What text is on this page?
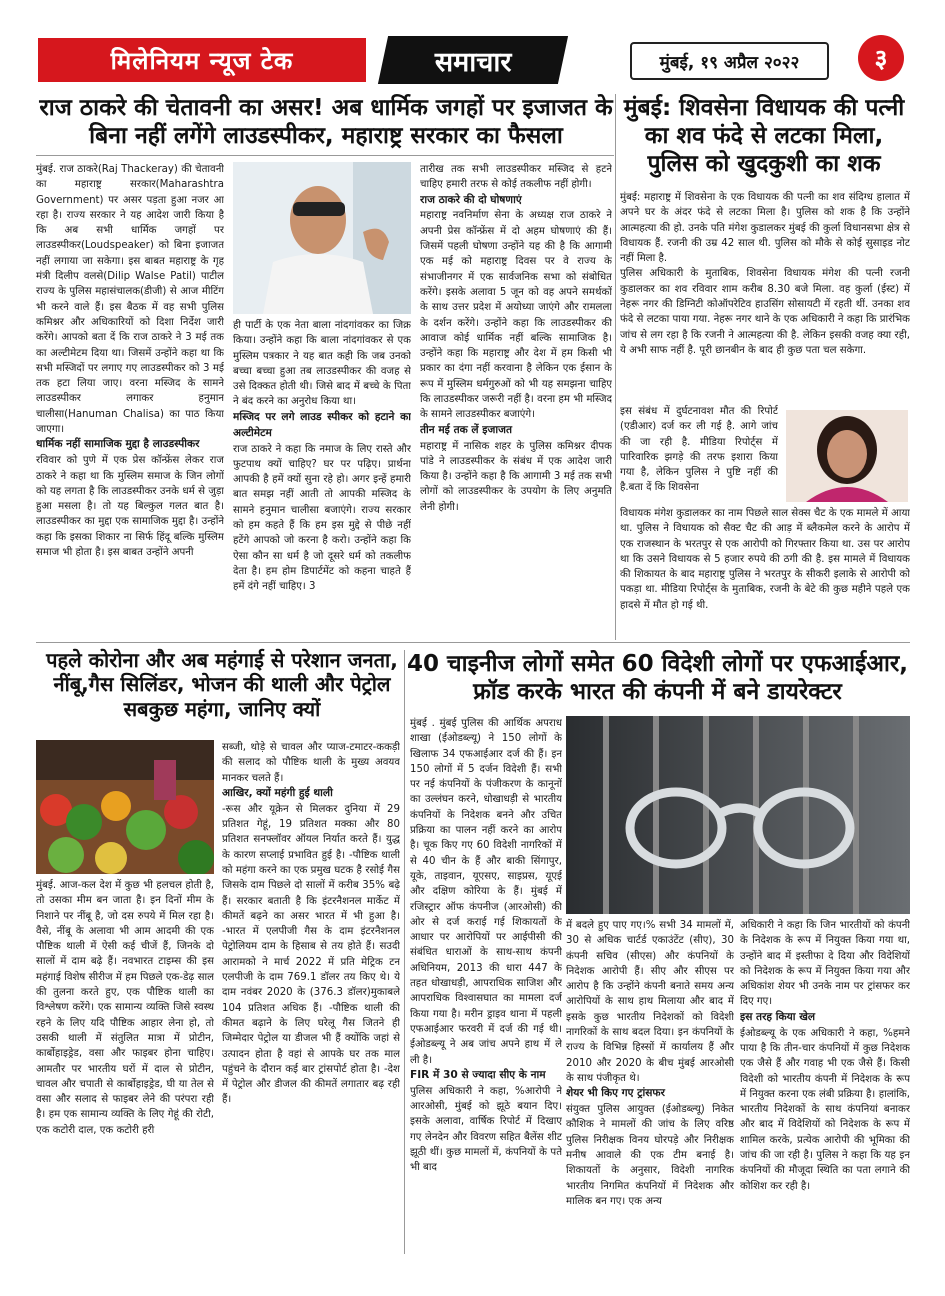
मिलेनियम न्यूज टेक	समाचार	मुंबई, १९ अप्रैल २०२२	३
राज ठाकरे की चेतावनी का असर! अब धार्मिक जगहों पर इजाजत के बिना नहीं लगेंगे लाउडस्पीकर, महाराष्ट्र सरकार का फैसला

मुंबई. राज ठाकरे(Raj Thackeray) की चेतावनी का महाराष्ट्र सरकार(Maharashtra Government) पर असर पड़ता हुआ नजर आ रहा है। राज्य सरकार ने यह आदेश जारी किया है कि अब सभी धार्मिक जगहों पर लाउडस्पीकर(Loudspeaker) को बिना इजाजत नहीं लगाया जा सकेगा। इस बाबत महाराष्ट्र के गृह मंत्री दिलीप वलसे(Dilip Walse Patil) पाटील राज्य के पुलिस महासंचालक(डीजी) से आज मीटिंग भी करने वाले हैं। इस बैठक में वह सभी पुलिस कमिश्नर और अधिकारियों को दिशा निर्देश जारी करेंगे। आपको बता दें कि राज ठाकरे ने 3 मई तक का अल्टीमेटम दिया था। जिसमें उन्होंने कहा था कि सभी मस्जिदों पर लगाए गए लाउडस्पीकर को 3 मई तक हटा लिया जाए। वरना मस्जिद के सामने लाउडस्पीकर लगाकर हनुमान चालीसा(Hanuman Chalisa) का पाठ किया जाएगा।

धार्मिक नहीं सामाजिक मुद्दा है लाउडस्पीकर

रविवार को पुणे में एक प्रेस कॉन्फ्रेंस लेकर राज ठाकरे ने कहा था कि मुस्लिम समाज के जिन लोगों को यह लगता है कि लाउडस्पीकर उनके धर्म से जुड़ा हुआ मसला है। तो यह बिल्कुल गलत बात है। लाउडस्पीकर का मुद्दा एक सामाजिक मुद्दा है। उन्होंने कहा कि इसका शिकार ना सिर्फ हिंदू बल्कि मुस्लिम समाज भी होता है। इस बाबत उन्होंने अपनी

ही पार्टी के एक नेता बाला नांदगांवकर का जिक्र किया। उन्होंने कहा कि बाला नांदगांवकर से एक मुस्लिम पत्रकार ने यह बात कही कि जब उनको बच्चा बच्चा हुआ तब लाउडस्पीकर की वजह से उसे दिक्कत होती थी। जिसे बाद में बच्चे के पिता ने बंद करने का अनुरोध किया था।

मस्जिद पर लगे लाउड स्पीकर को हटाने का अल्टीमेटम

राज ठाकरे ने कहा कि नमाज के लिए रास्ते और फुटपाथ क्यों चाहिए? घर पर पढ़िए। प्रार्थना आपकी है हमें क्यों सुना रहे हो। अगर इन्हें हमारी बात समझ नहीं आती तो आपकी मस्जिद के सामने हनुमान चालीसा बजाएंगे। राज्य सरकार को हम कहते हैं कि हम इस मुद्दे से पीछे नहीं हटेंगे आपको जो करना है करो। उन्होंने कहा कि ऐसा कौन सा धर्म है जो दूसरे धर्म को तकलीफ देता है। हम होम डिपार्टमेंट को कहना चाहते हैं हमें दंगे नहीं चाहिए। 3

तारीख तक सभी लाउडस्पीकर मस्जिद से हटने चाहिए हमारी तरफ से कोई तकलीफ नहीं होगी।

राज ठाकरे की दो घोषणाएं

महाराष्ट्र नवनिर्माण सेना के अध्यक्ष राज ठाकरे ने अपनी प्रेस कॉन्फ्रेंस में दो अहम घोषणाएं की हैं। जिसमें पहली घोषणा उन्होंने यह की है कि आगामी एक मई को महाराष्ट्र दिवस पर वे राज्य के संभाजीनगर में एक सार्वजनिक सभा को संबोधित करेंगे। इसके अलावा 5 जून को वह अपने समर्थकों के साथ उत्तर प्रदेश में अयोध्या जाएंगे और रामलला के दर्शन करेंगे। उन्होंने कहा कि लाउडस्पीकर की आवाज कोई धार्मिक नहीं बल्कि सामाजिक है। उन्होंने कहा कि महाराष्ट्र और देश में हम किसी भी प्रकार का दंगा नहीं करवाना है लेकिन एक ईसान के रूप में मुस्लिम धर्मगुरुओं को भी यह समझना चाहिए कि लाउडस्पीकर जरूरी नहीं है। वरना हम भी मस्जिद के सामने लाउडस्पीकर बजाएंगे।

तीन मई तक लें इजाजत

महाराष्ट्र में नासिक शहर के पुलिस कमिश्नर दीपक पांडे ने लाउडस्पीकर के संबंध में एक आदेश जारी किया है। उन्होंने कहा है कि आगामी 3 मई तक सभी लोगों को लाउडस्पीकर के उपयोग के लिए अनुमति लेनी होगी।

मुंबई: शिवसेना विधायक की पत्नी का शव फंदे से लटका मिला, पुलिस को खुदकुशी का शक

मुंबई: महाराष्ट्र में शिवसेना के एक विधायक की पत्नी का शव संदिग्ध हालात में अपने घर के अंदर फंदे से लटका मिला है। पुलिस को शक है कि उन्होंने आत्महत्या की हो. उनके पति मंगेश कुडालकर मुंबई की कुर्ला विधानसभा क्षेत्र से विधायक हैं. रजनी की उम्र 42 साल थी. पुलिस को मौके से कोई सुसाइड नोट नहीं मिला है.

पुलिस अधिकारी के मुताबिक, शिवसेना विधायक मंगेश की पत्नी रजनी कुडालकर का शव रविवार शाम करीब 8.30 बजे मिला. वह कुर्ला (ईस्ट) में नेहरू नगर की डिग्निटी कोऑपरेटिव हाउसिंग सोसायटी में रहती थीं. उनका शव फंदे से लटका पाया गया. नेहरू नगर थाने के एक अधिकारी ने कहा कि प्रारंभिक जांच से लग रहा है कि रजनी ने आत्महत्या की है. लेकिन इसकी वजह क्या रही, ये अभी साफ नहीं है. पूरी छानबीन के बाद ही कुछ पता चल सकेगा.

इस संबंध में दुर्घटनावश मौत की रिपोर्ट (एडीआर) दर्ज कर ली गई है. आगे जांच की जा रही है. मीडिया रिपोर्ट्स में पारिवारिक झगड़े की तरफ इशारा किया गया है, लेकिन पुलिस ने पुष्टि नहीं की है.बता दें कि शिवसेना

विधायक मंगेश कुडालकर का नाम पिछले साल सेक्स चैट के एक मामले में आया था. पुलिस ने विधायक को सैक्ट चैट की आड़ में ब्लैकमेल करने के आरोप में एक राजस्थान के भरतपुर से एक आरोपी को गिरफ्तार किया था. उस पर आरोप था कि उसने विधायक से 5 हजार रुपये की ठगी की है. इस मामले में विधायक की शिकायत के बाद महाराष्ट्र पुलिस ने भरतपुर के सीकरी इलाके से आरोपी को पकड़ा था. मीडिया रिपोर्ट्स के मुताबिक, रजनी के बेटे की कुछ महीने पहले एक हादसे में मौत हो गई थी.

पहले कोरोना और अब महंगाई से परेशान जनता, नींबू,गैस सिलिंडर, भोजन की थाली और पेट्रोल सबकुछ महंगा, जानिए क्यों

मुंबई. आज-कल देश में कुछ भी हलचल होती है, तो उसका मीम बन जाता है। इन दिनों मीम के निशाने पर नींबू है, जो दस रुपये में मिल रहा है। वैसे, नींबू के अलावा भी आम आदमी की एक पौष्टिक थाली में ऐसी कई चीजें हैं, जिनके दो सालों में दाम बढ़े हैं। नवभारत टाइम्स की इस महंगाई विशेष सीरीज में हम पिछले एक-डेढ़ साल की तुलना करते हुए, एक पौष्टिक थाली का विश्लेषण करेंगे। एक सामान्य व्यक्ति जिसे स्वस्थ रहने के लिए यदि पौष्टिक आहार लेना हो, तो उसकी थाली में संतुलित मात्रा में प्रोटीन, कार्बोहाइड्रेड, वसा और फाइबर होना चाहिए। आमतौर पर भारतीय घरों में दाल से प्रोटीन, चावल और चपाती से कार्बोहाइड्रेड, घी या तेल से वसा और सलाद से फाइबर लेने की परंपरा रही है। हम एक सामान्य व्यक्ति के लिए गेहूं की रोटी, एक कटोरी दाल, एक कटोरी हरी

सब्जी, थोड़े से चावल और प्याज-टमाटर-ककड़ी की सलाद को पौष्टिक थाली के मुख्य अवयव मानकर चलते हैं।

आखिर, क्यों महंगी हुई थाली

-रूस और यूक्रेन से मिलकर दुनिया में 29 प्रतिशत गेहूं, 19 प्रतिशत मक्का और 80 प्रतिशत सनफ्लॉवर ऑयल निर्यात करते हैं। युद्ध के कारण सप्लाई प्रभावित हुई है। -पौष्टिक थाली को महंगा करने का एक प्रमुख घटक है रसोई गैस जिसके दाम पिछले दो सालों में करीब 35% बढ़े हैं। सरकार बताती है कि इंटरनैशनल मार्केट में कीमतें बढ़ने का असर भारत में भी हुआ है। -भारत में एलपीजी गैस के दाम इंटरनैशनल पेट्रोलियम दाम के हिसाब से तय होते हैं। सउदी आरामको ने मार्च 2022 में प्रति मेट्रिक टन एलपीजी के दाम 769.1 डॉलर तय किए थे। ये दाम नवंबर 2020 के (376.3 डॉलर)मुकाबले 104 प्रतिशत अधिक हैं। -पौष्टिक थाली की कीमत बढ़ाने के लिए घरेलू गैस जितने ही जिम्मेदार पेट्रोल या डीजल भी हैं क्योंकि जहां से उत्पादन होता है वहां से आपके घर तक माल पहुंचने के दौरान कई बार ट्रांसपोर्ट होता है। -देश में पेट्रोल और डीजल की कीमतें लगातार बढ़ रही हैं।

40 चाइनीज लोगों समेत 60 विदेशी लोगों पर एफआईआर, फ्रॉड करके भारत की कंपनी में बने डायरेक्टर

मुंबई . मुंबई पुलिस की आर्थिक अपराध शाखा (ईओडब्ल्यू) ने 150 लोगों के खिलाफ 34 एफआईआर दर्ज की हैं। इन 150 लोगों में 5 दर्जन विदेशी हैं। सभी पर नई कंपनियों के पंजीकरण के कानूनों का उल्लंघन करने, धोखाधड़ी से भारतीय कंपनियों के निदेशक बनने और उचित प्रक्रिया का पालन नहीं करने का आरोप है। चूक किए गए 60 विदेशी नागरिकों में से 40 चीन के हैं और बाकी सिंगापुर, यूके, ताइवान, यूएसए, साइप्रस, यूएई और दक्षिण कोरिया के हैं। मुंबई में रजिस्ट्रार ऑफ कंपनीज (आरओसी) की ओर से दर्ज कराई गई शिकायतों के आधार पर आरोपियों पर आईपीसी की संबंधित धाराओं के साथ-साथ कंपनी अधिनियम, 2013 की धारा 447 के तहत धोखाधड़ी, आपराधिक साजिश और आपराधिक विश्वासघात का मामला दर्ज किया गया है। मरीन ड्राइव थाना में पहली एफआईआर फरवरी में दर्ज की गई थी। ईओडब्ल्यू ने अब जांच अपने हाथ में ले ली है।

FIR में 30 से ज्यादा सीए के नाम

पुलिस अधिकारी ने कहा, %आरोपी ने आरओसी, मुंबई को झूठे बयान दिए। इसके अलावा, वार्षिक रिपोर्ट में दिखाए गए लेनदेन और विवरण सहित बैलेंस शीट झूठी थीं। कुछ मामलों में, कंपनियों के पते भी बाद

में बदले हुए पाए गए।% सभी 34 मामलों में, 30 से अधिक चार्टर्ड एकाउंटेंट (सीए), 30 कंपनी सचिव (सीएस) और कंपनियों के निदेशक आरोपी हैं। सीए और सीएस पर आरोप है कि उन्होंने कंपनी बनाते समय अन्य आरोपियों के साथ हाथ मिलाया और बाद में इसके कुछ भारतीय निदेशकों को विदेशी नागरिकों के साथ बदल दिया। इन कंपनियों के राज्य के विभिन्न हिस्सों में कार्यालय हैं और 2010 और 2020 के बीच मुंबई आरओसी के साथ पंजीकृत थे।

शेयर भी किए गए ट्रांसफर

संयुक्त पुलिस आयुक्त (ईओडब्ल्यू) निकेत कौशिक ने मामलों की जांच के लिए वरिष्ठ पुलिस निरीक्षक विनय घोरपड़े और निरीक्षक मनीष आवाले की एक टीम बनाई है। शिकायतों के अनुसार, विदेशी नागरिक भारतीय निगमित कंपनियों में निदेशक और मालिक बन गए। एक अन्य

अधिकारी ने कहा कि जिन भारतीयों को कंपनी के निदेशक के रूप में नियुक्त किया गया था, उन्होंने बाद में इस्तीफा दे दिया और विदेशियों को निदेशक के रूप में नियुक्त किया गया और अधिकांश शेयर भी उनके नाम पर ट्रांसफर कर दिए गए।

इस तरह किया खेल

ईओडब्ल्यू के एक अधिकारी ने कहा, %हमने पाया है कि तीन-चार कंपनियों में कुछ निदेशक एक जैसे हैं और गवाह भी एक जैसे हैं। किसी विदेशी को भारतीय कंपनी में निदेशक के रूप में नियुक्त करना एक लंबी प्रक्रिया है। हालांकि, भारतीय निदेशकों के साथ कंपनियां बनाकर और बाद में विदेशियों को निदेशक के रूप में शामिल करके, प्रत्येक आरोपी की भूमिका की जांच की जा रही है। पुलिस ने कहा कि यह इन कंपनियों की मौजूदा स्थिति का पता लगाने की कोशिश कर रही है।
